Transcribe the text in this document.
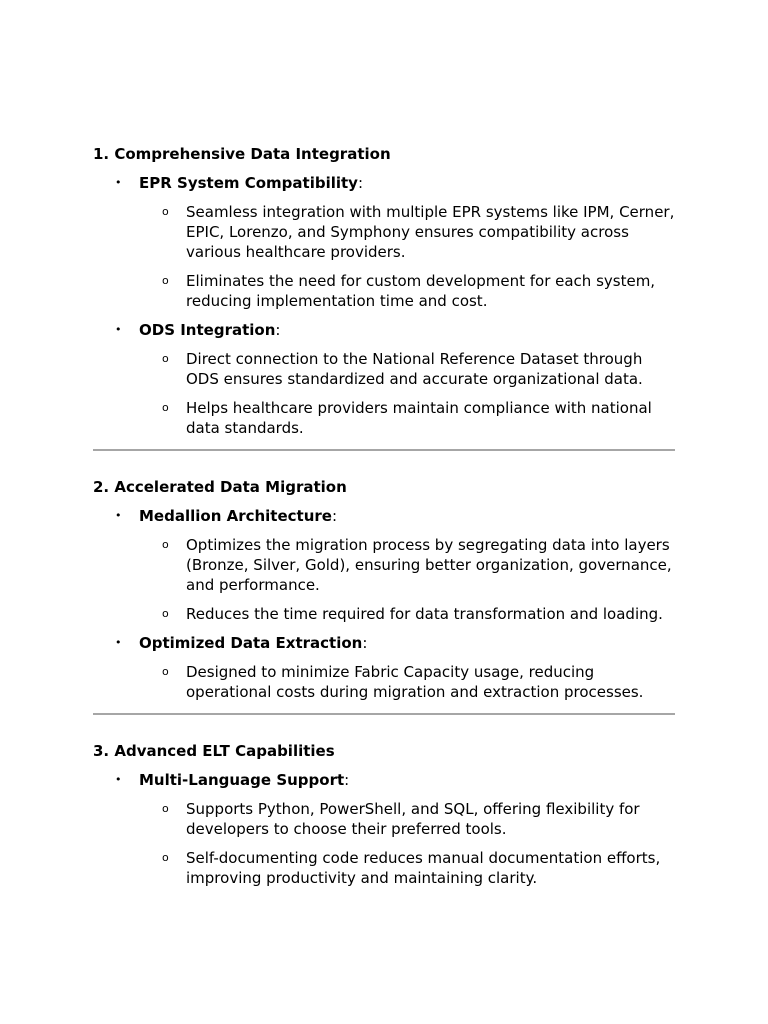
1. Comprehensive Data Integration

• EPR System Compatibility:
o Seamless integration with multiple EPR systems like IPM, Cerner, EPIC, Lorenzo, and Symphony ensures compatibility across various healthcare providers.
o Eliminates the need for custom development for each system, reducing implementation time and cost.
• ODS Integration:
o Direct connection to the National Reference Dataset through ODS ensures standardized and accurate organizational data.
o Helps healthcare providers maintain compliance with national data standards.

2. Accelerated Data Migration

• Medallion Architecture:
o Optimizes the migration process by segregating data into layers (Bronze, Silver, Gold), ensuring better organization, governance, and performance.
o Reduces the time required for data transformation and loading.
• Optimized Data Extraction:
o Designed to minimize Fabric Capacity usage, reducing operational costs during migration and extraction processes.

3. Advanced ELT Capabilities

• Multi-Language Support:
o Supports Python, PowerShell, and SQL, offering flexibility for developers to choose their preferred tools.
o Self-documenting code reduces manual documentation efforts, improving productivity and maintaining clarity.
